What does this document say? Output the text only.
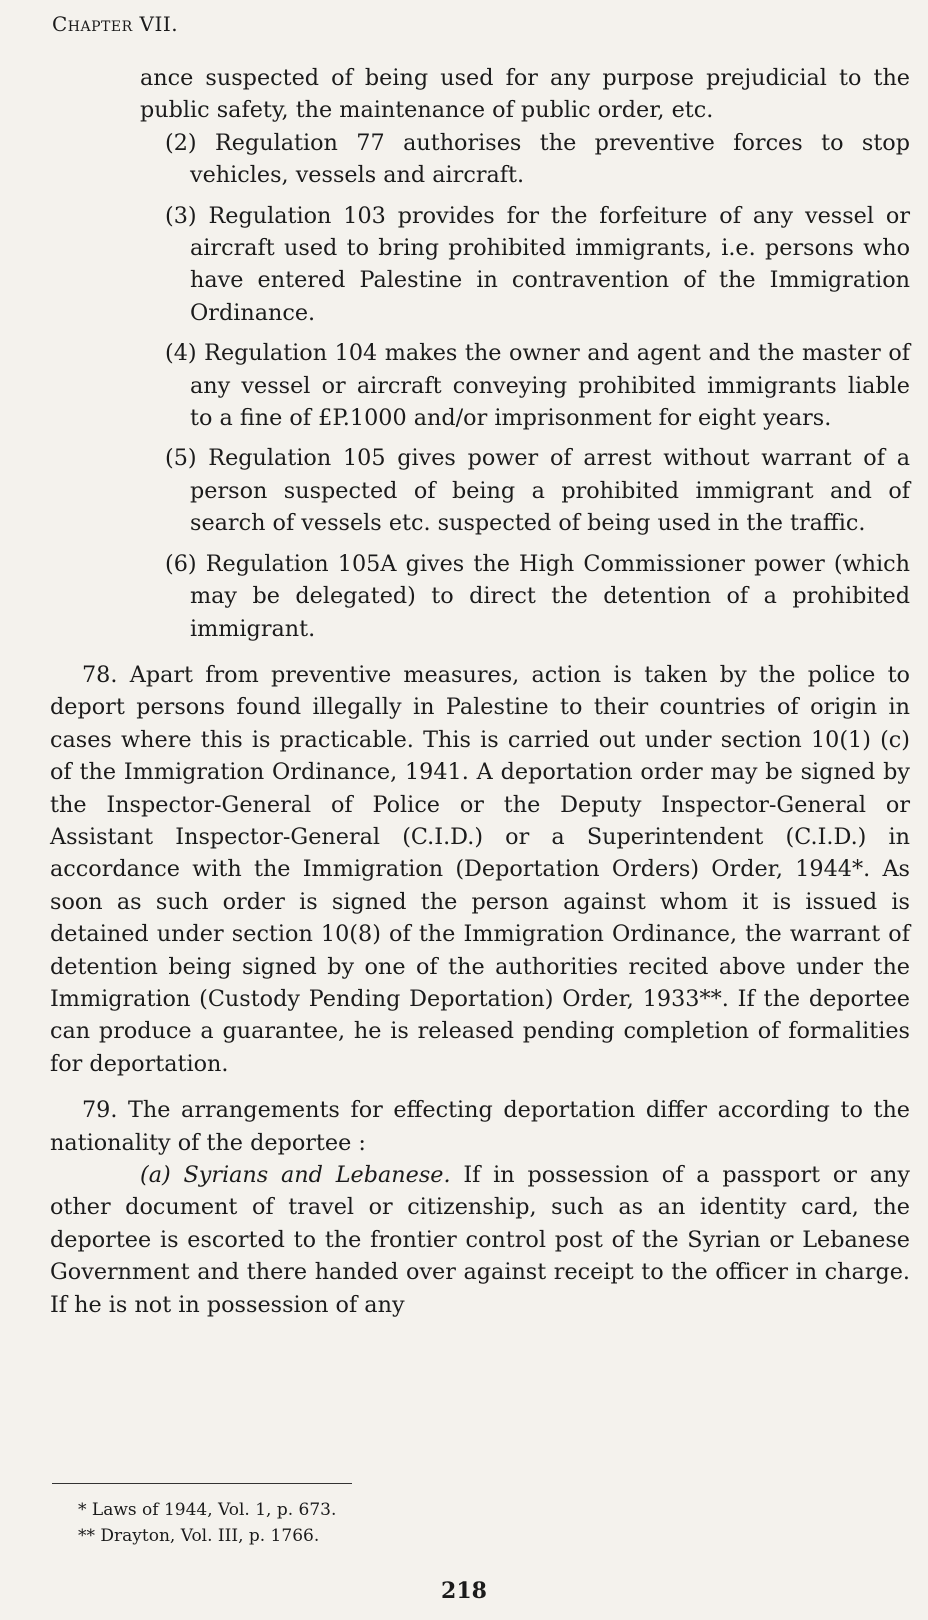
Chapter VII.

ance suspected of being used for any purpose prejudicial to the public safety, the maintenance of public order, etc.

(2) Regulation 77 authorises the preventive forces to stop vehicles, vessels and aircraft.

(3) Regulation 103 provides for the forfeiture of any vessel or aircraft used to bring prohibited immigrants, i.e. persons who have entered Palestine in contravention of the Immigration Ordinance.

(4) Regulation 104 makes the owner and agent and the master of any vessel or aircraft conveying prohibited immigrants liable to a fine of £P.1000 and/or imprisonment for eight years.

(5) Regulation 105 gives power of arrest without warrant of a person suspected of being a prohibited immigrant and of search of vessels etc. suspected of being used in the traffic.

(6) Regulation 105A gives the High Commissioner power (which may be delegated) to direct the detention of a prohibited immigrant.

78. Apart from preventive measures, action is taken by the police to deport persons found illegally in Palestine to their countries of origin in cases where this is practicable. This is carried out under section 10(1) (c) of the Immigration Ordinance, 1941. A deportation order may be signed by the Inspector-General of Police or the Deputy Inspector-General or Assistant Inspector-General (C.I.D.) or a Superintendent (C.I.D.) in accordance with the Immigration (Deportation Orders) Order, 1944*. As soon as such order is signed the person against whom it is issued is detained under section 10(8) of the Immigration Ordinance, the warrant of detention being signed by one of the authorities recited above under the Immigration (Custody Pending Deportation) Order, 1933**. If the deportee can produce a guarantee, he is released pending completion of formalities for deportation.

79. The arrangements for effecting deportation differ according to the nationality of the deportee :

(a) Syrians and Lebanese. If in possession of a passport or any other document of travel or citizenship, such as an identity card, the deportee is escorted to the frontier control post of the Syrian or Lebanese Government and there handed over against receipt to the officer in charge. If he is not in possession of any

* Laws of 1944, Vol. 1, p. 673.

** Drayton, Vol. III, p. 1766.

218
